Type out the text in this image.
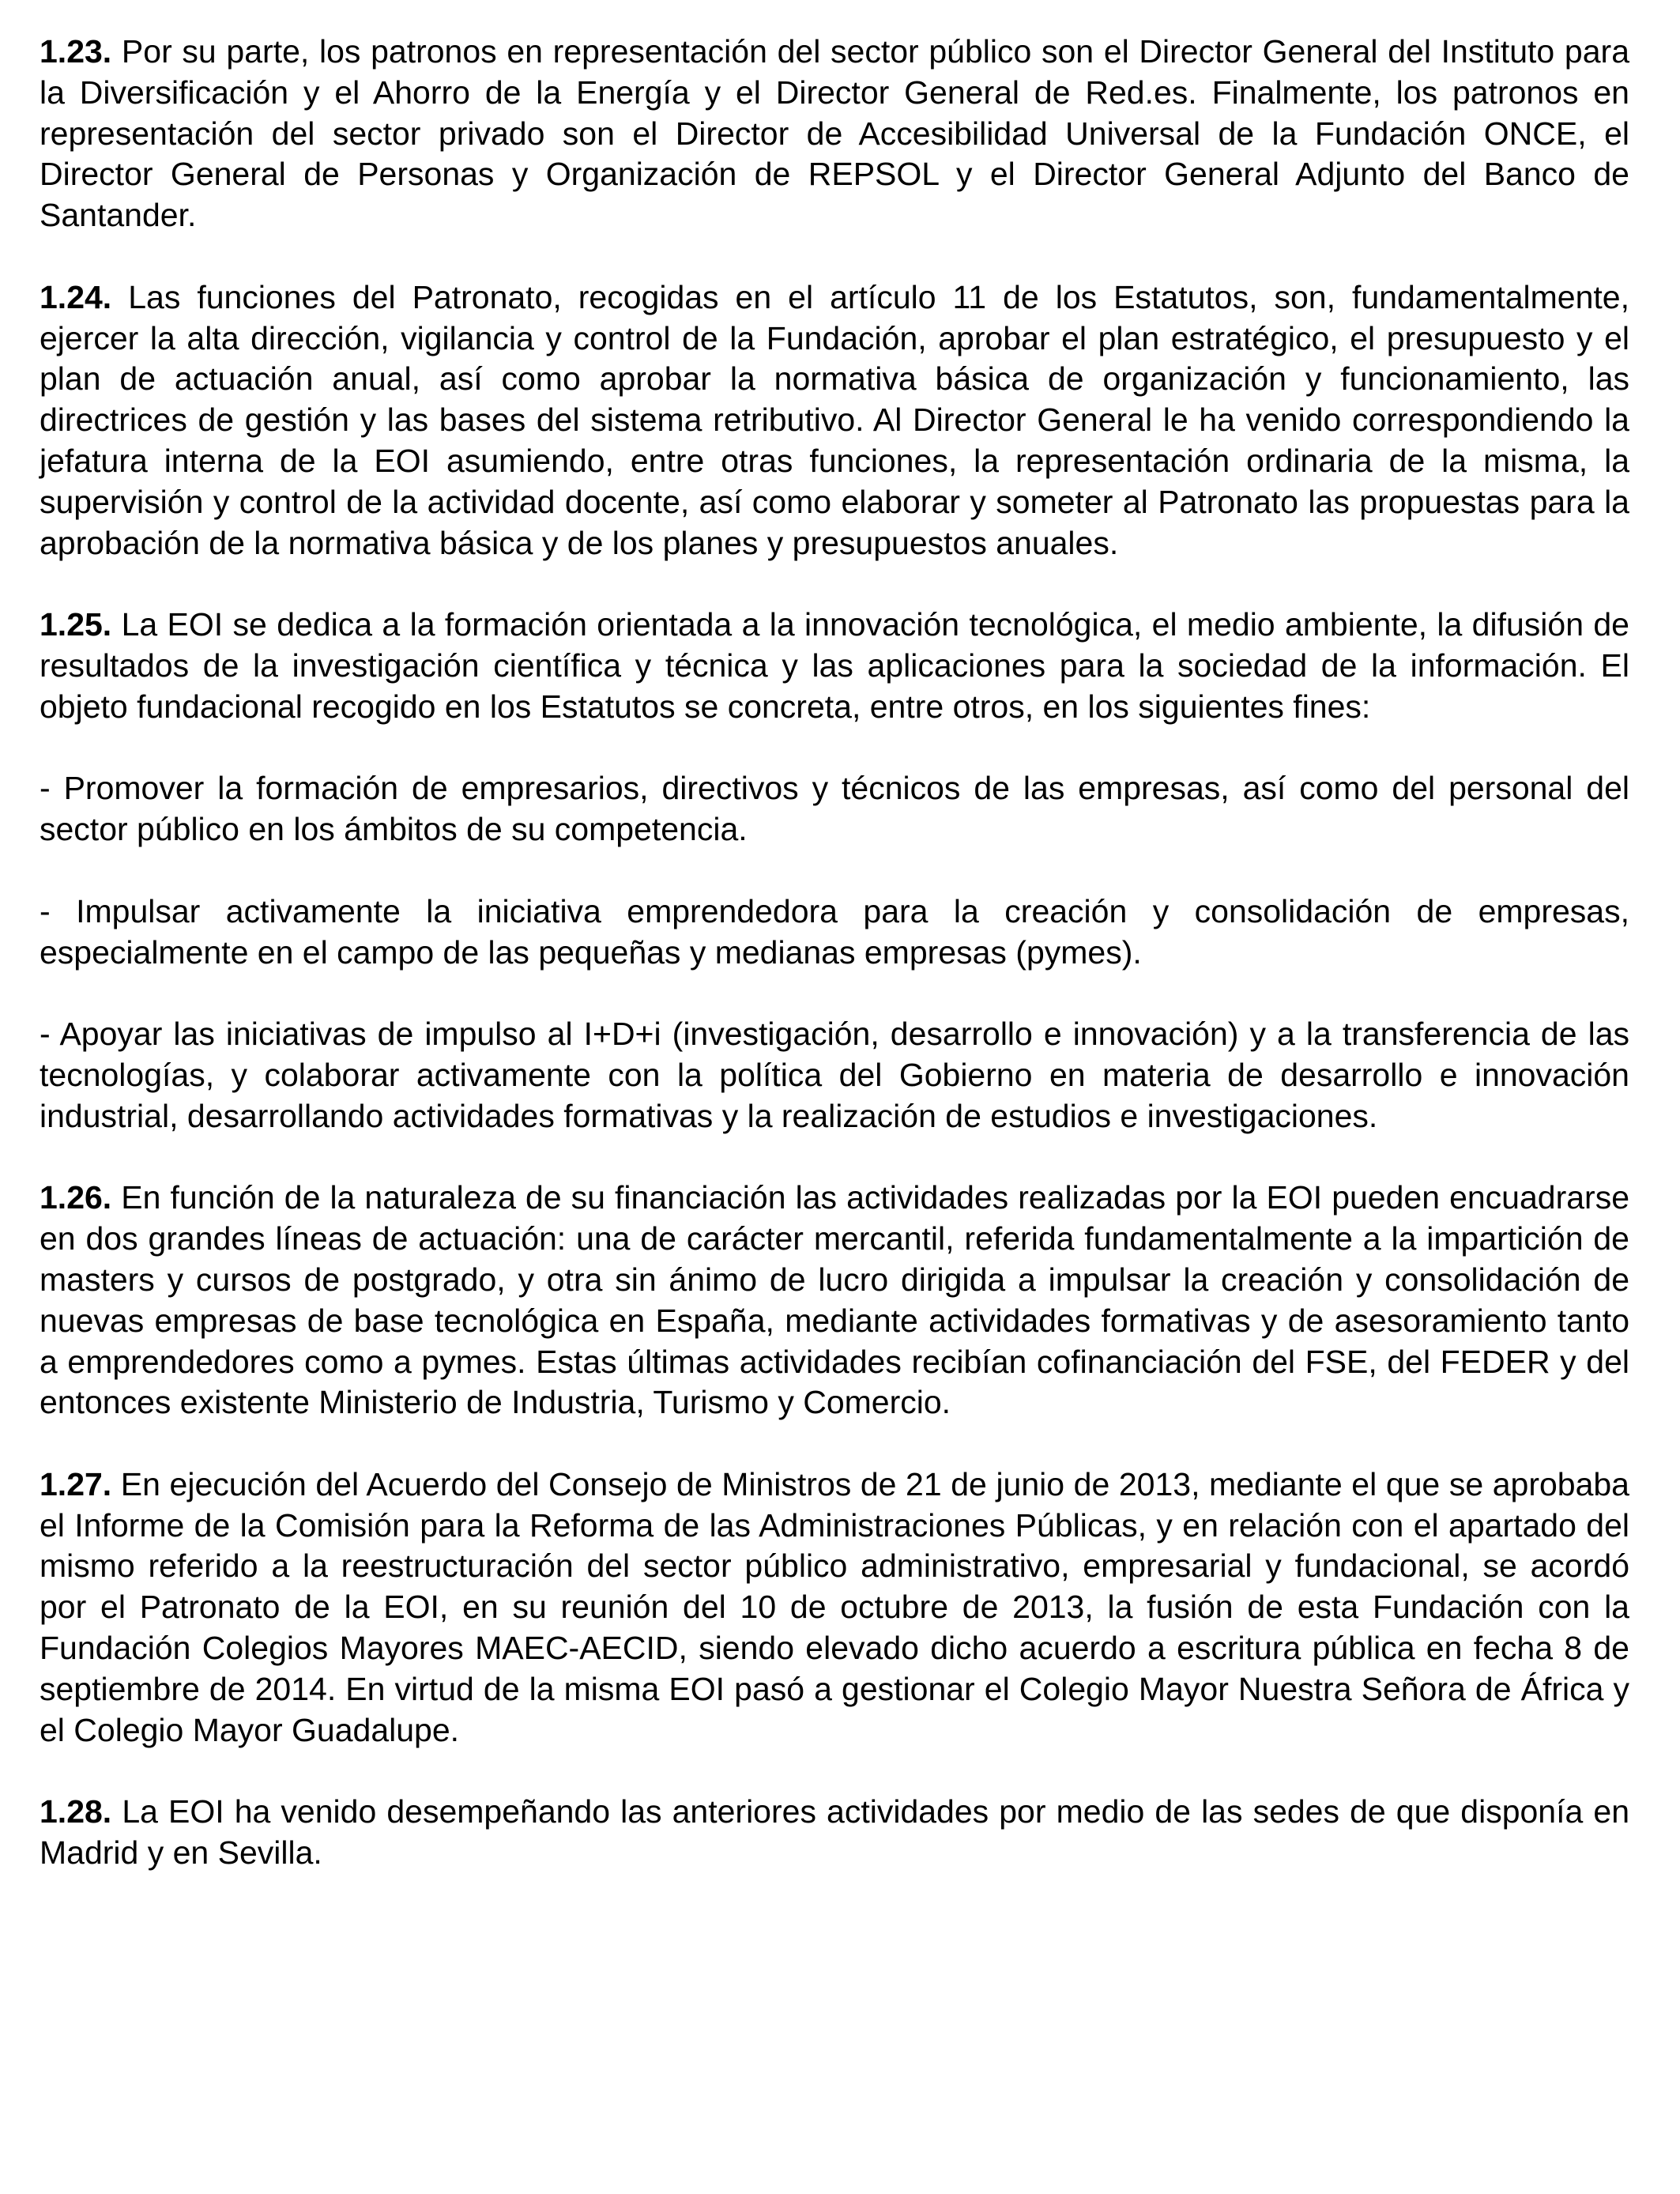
1.23. Por su parte, los patronos en representación del sector público son el Director General del Instituto para la Diversificación y el Ahorro de la Energía y el Director General de Red.es. Finalmente, los patronos en representación del sector privado son el Director de Accesibilidad Universal de la Fundación ONCE, el Director General de Personas y Organización de REPSOL y el Director General Adjunto del Banco de Santander.

1.24. Las funciones del Patronato, recogidas en el artículo 11 de los Estatutos, son, fundamentalmente, ejercer la alta dirección, vigilancia y control de la Fundación, aprobar el plan estratégico, el presupuesto y el plan de actuación anual, así como aprobar la normativa básica de organización y funcionamiento, las directrices de gestión y las bases del sistema retributivo. Al Director General le ha venido correspondiendo la jefatura interna de la EOI asumiendo, entre otras funciones, la representación ordinaria de la misma, la supervisión y control de la actividad docente, así como elaborar y someter al Patronato las propuestas para la aprobación de la normativa básica y de los planes y presupuestos anuales.

1.25. La EOI se dedica a la formación orientada a la innovación tecnológica, el medio ambiente, la difusión de resultados de la investigación científica y técnica y las aplicaciones para la sociedad de la información. El objeto fundacional recogido en los Estatutos se concreta, entre otros, en los siguientes fines:

- Promover la formación de empresarios, directivos y técnicos de las empresas, así como del personal del sector público en los ámbitos de su competencia.

- Impulsar activamente la iniciativa emprendedora para la creación y consolidación de empresas, especialmente en el campo de las pequeñas y medianas empresas (pymes).

- Apoyar las iniciativas de impulso al I+D+i (investigación, desarrollo e innovación) y a la transferencia de las tecnologías, y colaborar activamente con la política del Gobierno en materia de desarrollo e innovación industrial, desarrollando actividades formativas y la realización de estudios e investigaciones.

1.26. En función de la naturaleza de su financiación las actividades realizadas por la EOI pueden encuadrarse en dos grandes líneas de actuación: una de carácter mercantil, referida fundamentalmente a la impartición de masters y cursos de postgrado, y otra sin ánimo de lucro dirigida a impulsar la creación y consolidación de nuevas empresas de base tecnológica en España, mediante actividades formativas y de asesoramiento tanto a emprendedores como a pymes. Estas últimas actividades recibían cofinanciación del FSE, del FEDER y del entonces existente Ministerio de Industria, Turismo y Comercio.

1.27. En ejecución del Acuerdo del Consejo de Ministros de 21 de junio de 2013, mediante el que se aprobaba el Informe de la Comisión para la Reforma de las Administraciones Públicas, y en relación con el apartado del mismo referido a la reestructuración del sector público administrativo, empresarial y fundacional, se acordó por el Patronato de la EOI, en su reunión del 10 de octubre de 2013, la fusión de esta Fundación con la Fundación Colegios Mayores MAEC-AECID, siendo elevado dicho acuerdo a escritura pública en fecha 8 de septiembre de 2014. En virtud de la misma EOI pasó a gestionar el Colegio Mayor Nuestra Señora de África y el Colegio Mayor Guadalupe.

1.28. La EOI ha venido desempeñando las anteriores actividades por medio de las sedes de que disponía en Madrid y en Sevilla.
